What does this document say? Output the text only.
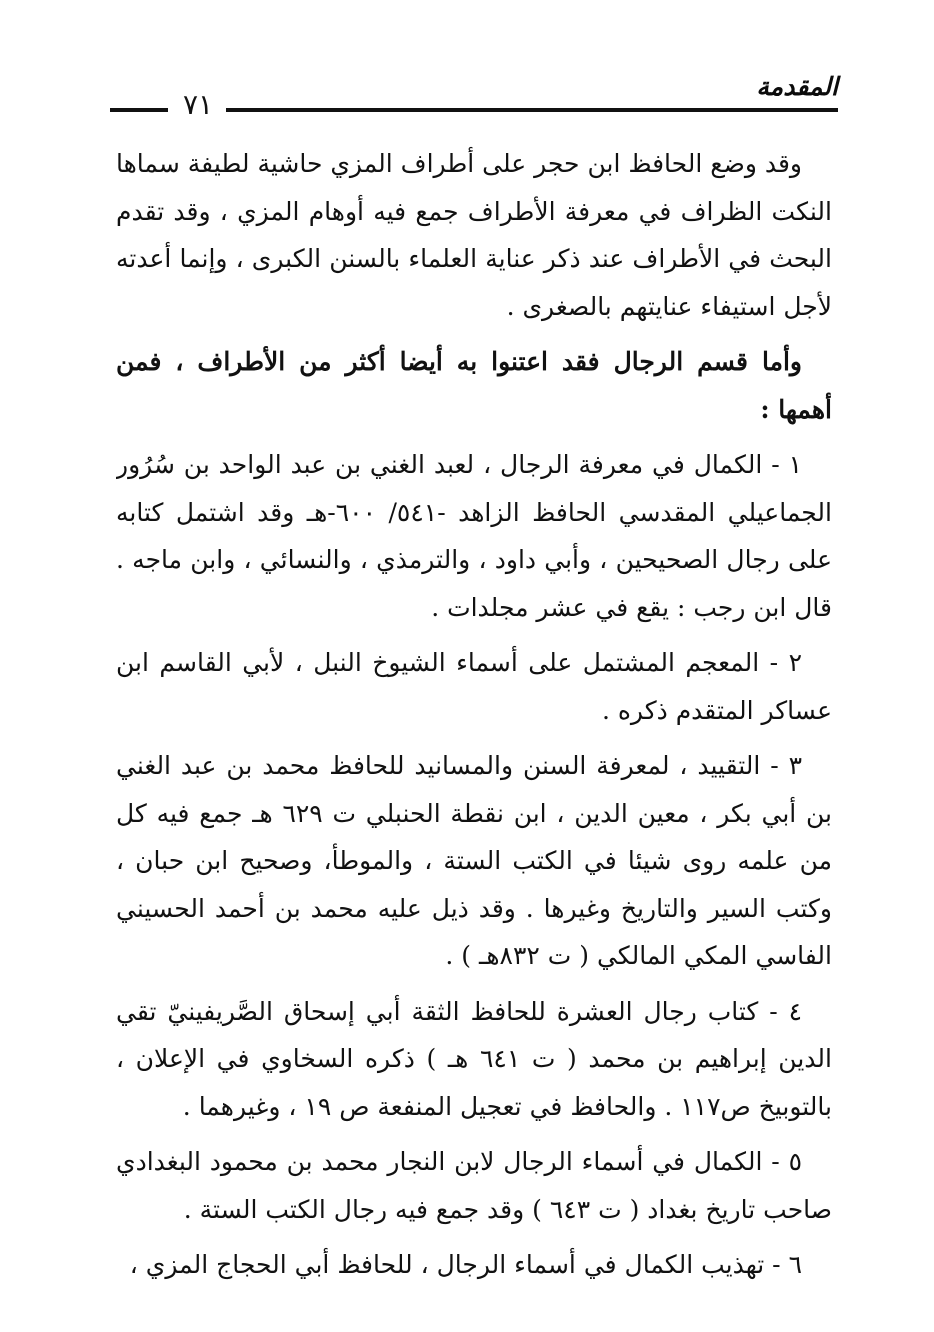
المقدمة
٧١

وقد وضع الحافظ ابن حجر على أطراف المزي حاشية لطيفة سماها النكت الظراف في معرفة الأطراف جمع فيه أوهام المزي ، وقد تقدم البحث في الأطراف عند ذكر عناية العلماء بالسنن الكبرى ، وإنما أعدته لأجل استيفاء عنايتهم بالصغرى .

وأما قسم الرجال فقد اعتنوا به أيضا أكثر من الأطراف ، فمن أهمها :

١ - الكمال في معرفة الرجال ، لعبد الغني بن عبد الواحد بن سُرُور الجماعيلي المقدسي الحافظ الزاهد -٥٤١/ ٦٠٠-هـ وقد اشتمل كتابه على رجال الصحيحين ، وأبي داود ، والترمذي ، والنسائي ، وابن ماجه . قال ابن رجب : يقع في عشر مجلدات .

٢ - المعجم المشتمل على أسماء الشيوخ النبل ، لأبي القاسم ابن عساكر المتقدم ذكره .

٣ - التقييد ، لمعرفة السنن والمسانيد للحافظ محمد بن عبد الغني بن أبي بكر ، معين الدين ، ابن نقطة الحنبلي ت ٦٢٩ هـ جمع فيه كل من علمه روى شيئا في الكتب الستة ، والموطأ، وصحيح ابن حبان ، وكتب السير والتاريخ وغيرها . وقد ذيل عليه محمد بن أحمد الحسيني الفاسي المكي المالكي ( ت ٨٣٢هـ ) .

٤ - كتاب رجال العشرة للحافظ الثقة أبي إسحاق الصَّريفينيّ تقي الدين إبراهيم بن محمد ( ت ٦٤١ هـ ) ذكره السخاوي في الإعلان ، بالتوبيخ ص١١٧ . والحافظ في تعجيل المنفعة ص ١٩ ، وغيرهما .

٥ - الكمال في أسماء الرجال لابن النجار محمد بن محمود البغدادي صاحب تاريخ بغداد ( ت ٦٤٣ ) وقد جمع فيه رجال الكتب الستة .

٦ - تهذيب الكمال في أسماء الرجال ، للحافظ أبي الحجاج المزي ،
